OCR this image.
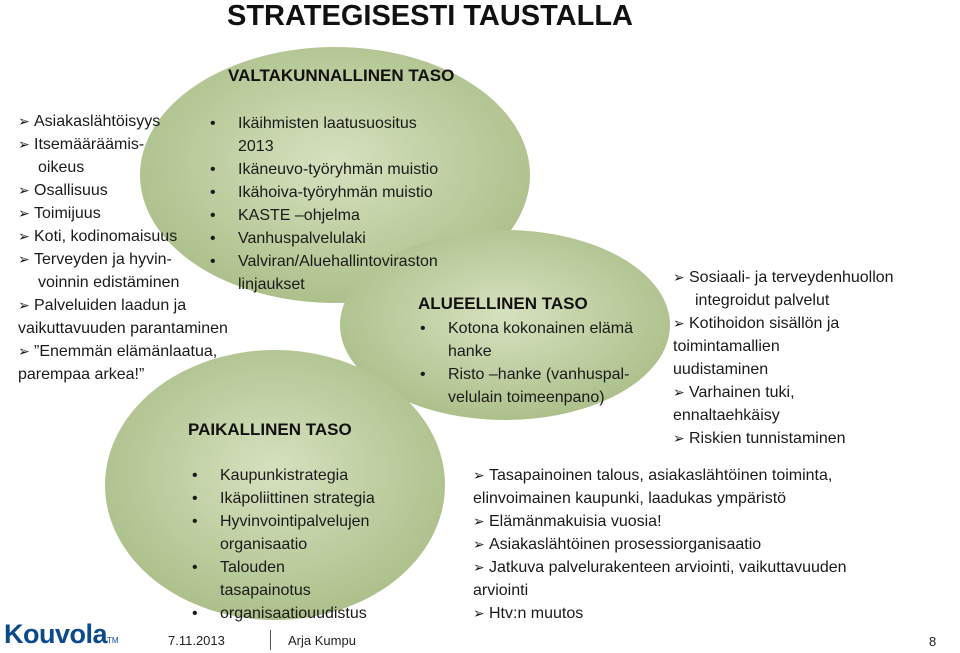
STRATEGISESTI TAUSTALLA
➢ Asiakaslähtöisyys
➢ Itsemääräämis-
oikeus
➢ Osallisuus
➢ Toimijuus
➢ Koti, kodinomaisuus
➢ Terveyden ja hyvin-
voinnin edistäminen
➢ Palveluiden laadun ja
vaikuttavuuden parantaminen
➢ ”Enemmän elämänlaatua,
parempaa arkea!”
VALTAKUNNALLINEN TASO
• Ikäihmisten laatusuositus
2013
• Ikäneuvo-työryhmän muistio
• Ikähoiva-työryhmän muistio
• KASTE –ohjelma
• Vanhuspalvelulaki
• Valviran/Aluehallintoviraston
linjaukset
ALUEELLINEN TASO
• Kotona kokonainen elämä
hanke
• Risto –hanke (vanhuspal-
velulain toimeenpano)
➢ Sosiaali- ja terveydenhuollon
integroidut palvelut
➢ Kotihoidon sisällön ja
toimintamallien
uudistaminen
➢ Varhainen tuki,
ennaltaehkäisy
➢ Riskien tunnistaminen
PAIKALLINEN TASO
• Kaupunkistrategia
• Ikäpoliittinen strategia
• Hyvinvointipalvelujen
organisaatio
• Talouden
tasapainotus
• organisaatiouudistus
➢ Tasapainoinen talous, asiakaslähtöinen toiminta,
elinvoimainen kaupunki, laadukas ympäristö
➢ Elämänmakuisia vuosia!
➢ Asiakaslähtöinen prosessiorganisaatio
➢ Jatkuva palvelurakenteen arviointi, vaikuttavuuden
arviointi
➢ Htv:n muutos
KouvolaTM	7.11.2013	Arja Kumpu	8
